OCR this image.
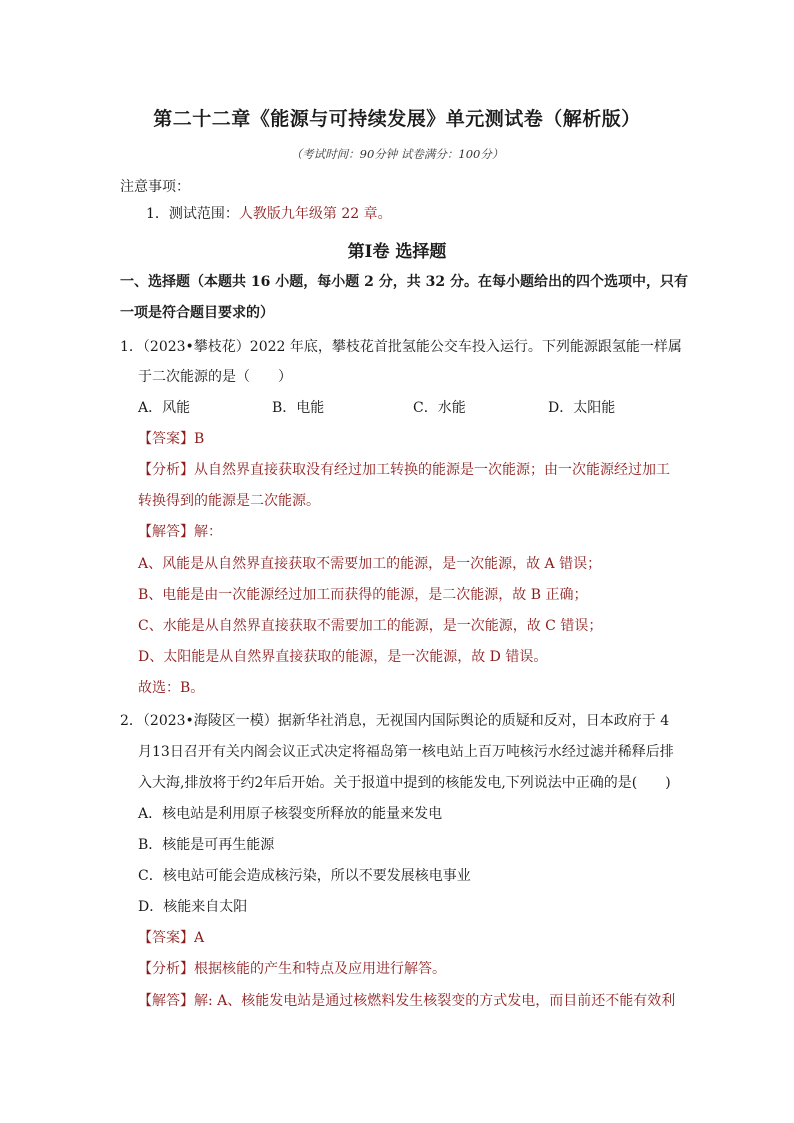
第二十二章《能源与可持续发展》单元测试卷（解析版）
（考试时间：90分钟 试卷满分：100分）
注意事项：
1．测试范围：人教版九年级第 22 章。
第Ⅰ卷 选择题
一、选择题（本题共 16 小题，每小题 2 分，共 32 分。在每小题给出的四个选项中，只有
一项是符合题目要求的）
1．（2023•攀枝花）2022 年底，攀枝花首批氢能公交车投入运行。下列能源跟氢能一样属
于二次能源的是（　　）
A．风能	B．电能	C．水能	D．太阳能
【答案】B
【分析】从自然界直接获取没有经过加工转换的能源是一次能源；由一次能源经过加工
转换得到的能源是二次能源。
【解答】解：
A、风能是从自然界直接获取不需要加工的能源，是一次能源，故 A 错误；
B、电能是由一次能源经过加工而获得的能源，是二次能源，故 B 正确；
C、水能是从自然界直接获取不需要加工的能源，是一次能源，故 C 错误；
D、太阳能是从自然界直接获取的能源，是一次能源，故 D 错误。
故选：B。
2．（2023•海陵区一模）据新华社消息，无视国内国际舆论的质疑和反对，日本政府于 4
月13日召开有关内阁会议正式决定将福岛第一核电站上百万吨核污水经过滤并稀释后排
入大海,排放将于约2年后开始。关于报道中提到的核能发电,下列说法中正确的是(　　)
A．核电站是利用原子核裂变所释放的能量来发电
B．核能是可再生能源
C．核电站可能会造成核污染，所以不要发展核电事业
D．核能来自太阳
【答案】A
【分析】根据核能的产生和特点及应用进行解答。
【解答】解: A、核能发电站是通过核燃料发生核裂变的方式发电，而目前还不能有效利
